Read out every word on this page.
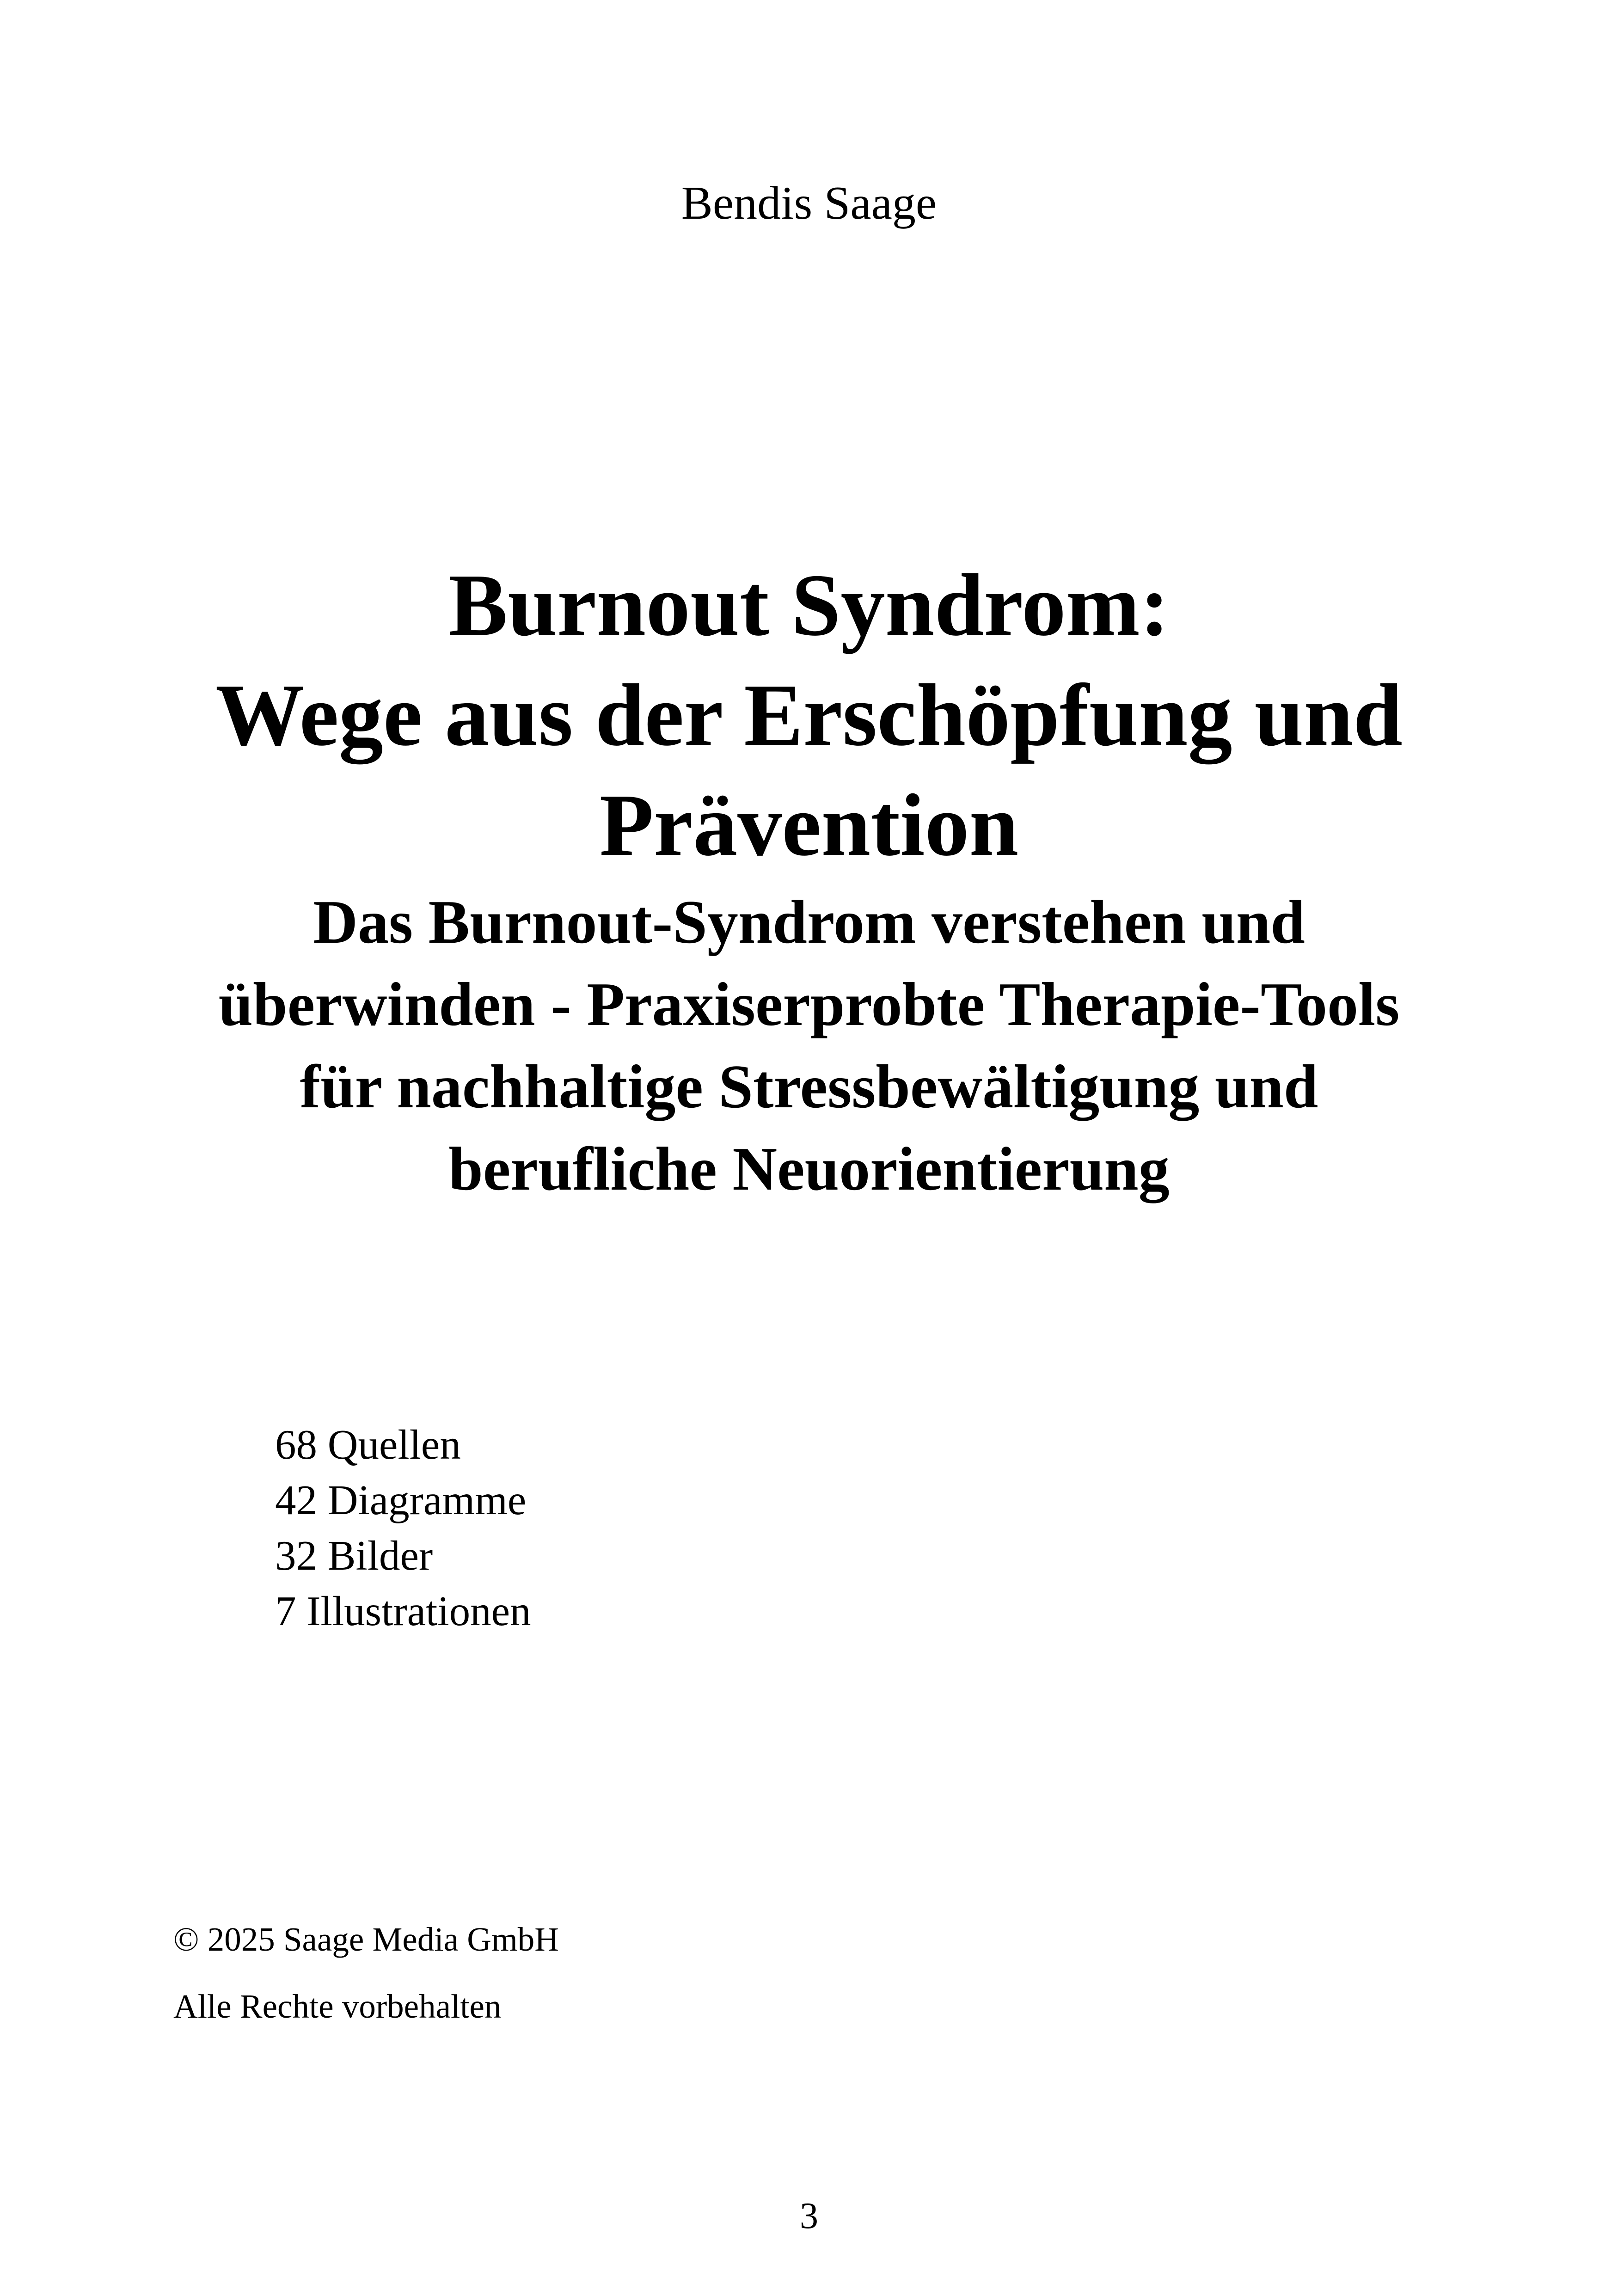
Bendis Saage
Burnout Syndrom:
Wege aus der Erschöpfung und
Prävention
Das Burnout-Syndrom verstehen und
überwinden - Praxiserprobte Therapie-Tools
für nachhaltige Stressbewältigung und
berufliche Neuorientierung
68 Quellen
42 Diagramme
32 Bilder
7 Illustrationen
© 2025 Saage Media GmbH
Alle Rechte vorbehalten
3
